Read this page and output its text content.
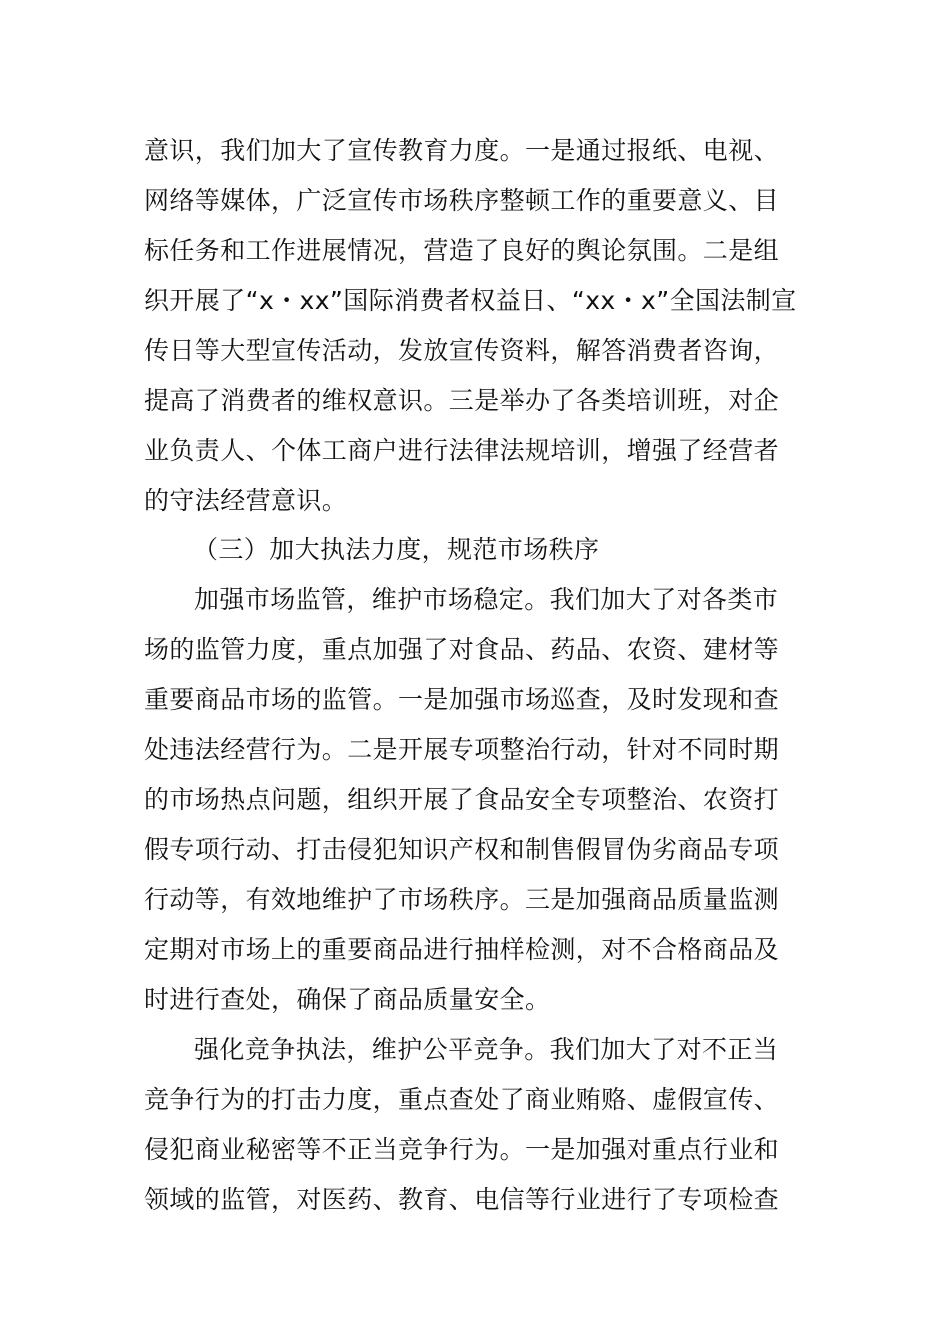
意识，我们加大了宣传教育力度。一是通过报纸、电视、
网络等媒体，广泛宣传市场秩序整顿工作的重要意义、目
标任务和工作进展情况，营造了良好的舆论氛围。二是组
织开展了“x・xx”国际消费者权益日、“xx・x”全国法制宣
传日等大型宣传活动，发放宣传资料，解答消费者咨询，
提高了消费者的维权意识。三是举办了各类培训班，对企
业负责人、个体工商户进行法律法规培训，增强了经营者
的守法经营意识。
（三）加大执法力度，规范市场秩序
加强市场监管，维护市场稳定。我们加大了对各类市
场的监管力度，重点加强了对食品、药品、农资、建材等
重要商品市场的监管。一是加强市场巡查，及时发现和查
处违法经营行为。二是开展专项整治行动，针对不同时期
的市场热点问题，组织开展了食品安全专项整治、农资打
假专项行动、打击侵犯知识产权和制售假冒伪劣商品专项
行动等，有效地维护了市场秩序。三是加强商品质量监测
定期对市场上的重要商品进行抽样检测，对不合格商品及
时进行查处，确保了商品质量安全。
强化竞争执法，维护公平竞争。我们加大了对不正当
竞争行为的打击力度，重点查处了商业贿赂、虚假宣传、
侵犯商业秘密等不正当竞争行为。一是加强对重点行业和
领域的监管，对医药、教育、电信等行业进行了专项检查
